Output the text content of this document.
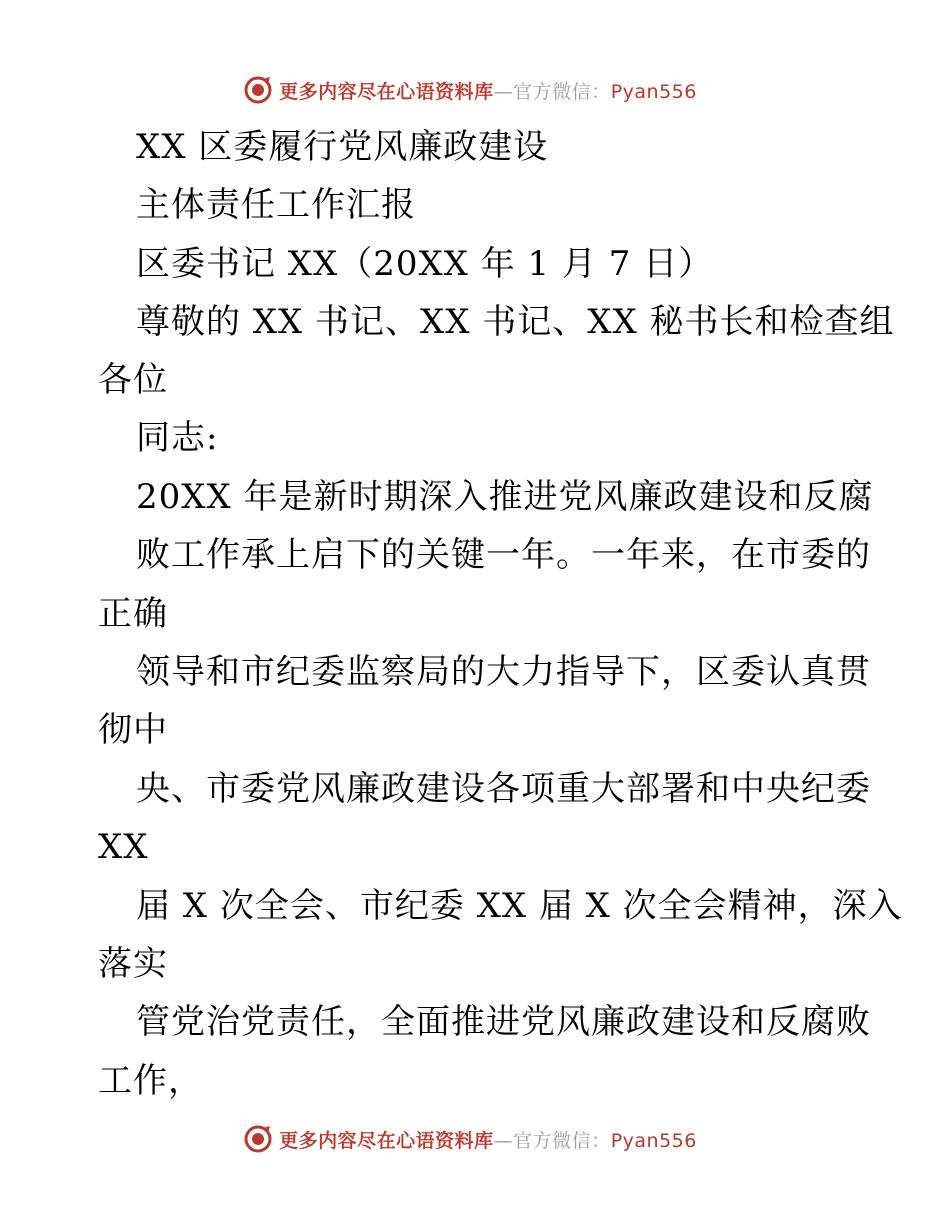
更多内容尽在心语资料库—官方微信：Pyan556
XX 区委履行党风廉政建设
主体责任工作汇报
区委书记 XX（20XX 年 1 月 7 日）
尊敬的 XX 书记、XX 书记、XX 秘书长和检查组
各位
同志:
20XX 年是新时期深入推进党风廉政建设和反腐
败工作承上启下的关键一年。一年来，在市委的
正确
领导和市纪委监察局的大力指导下，区委认真贯
彻中
央、市委党风廉政建设各项重大部署和中央纪委
XX
届 X 次全会、市纪委 XX 届 X 次全会精神，深入
落实
管党治党责任，全面推进党风廉政建设和反腐败
工作，
更多内容尽在心语资料库—官方微信：Pyan556
